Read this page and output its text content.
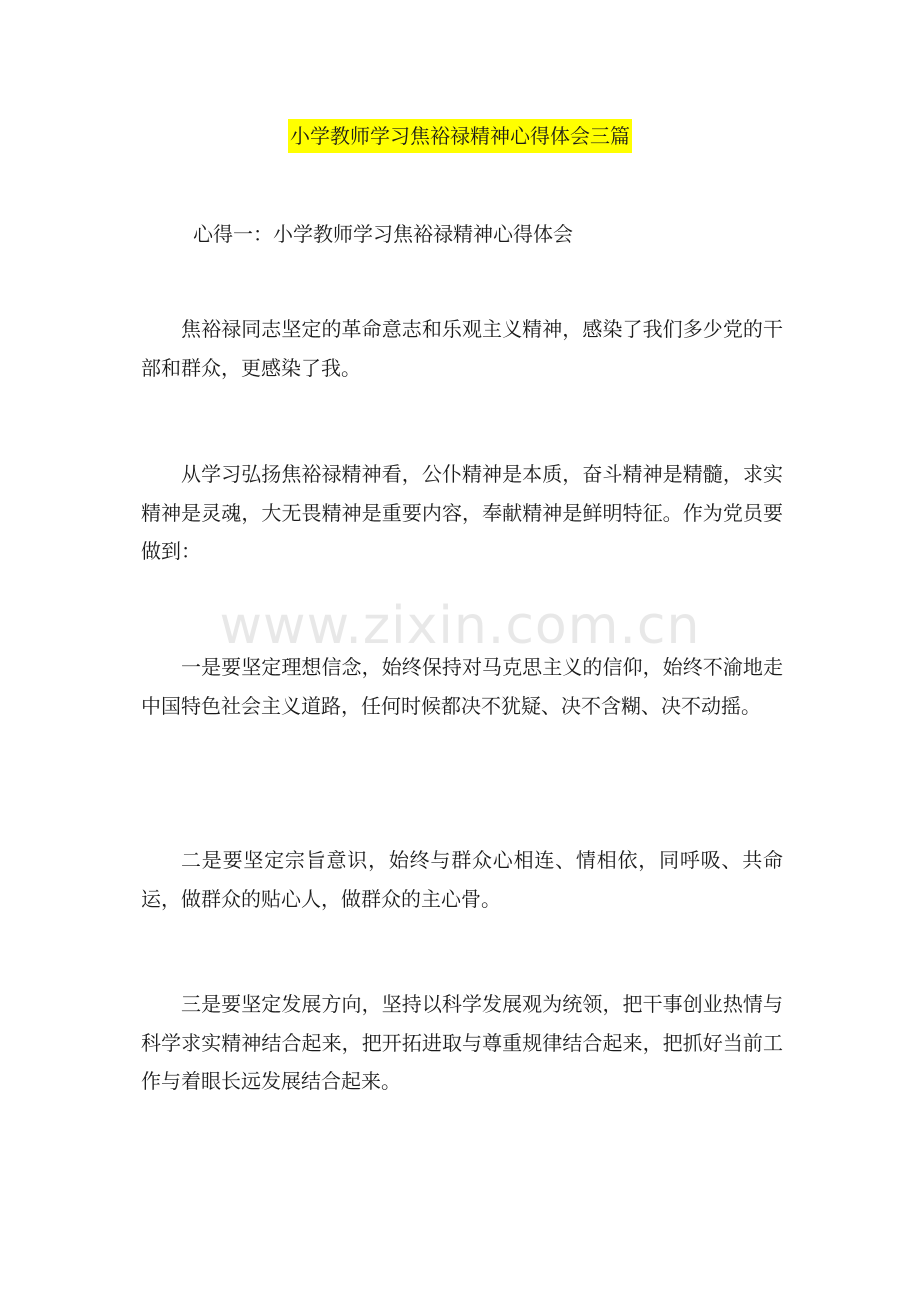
小学教师学习焦裕禄精神心得体会三篇
心得一：小学教师学习焦裕禄精神心得体会

焦裕禄同志坚定的革命意志和乐观主义精神，感染了我们多少党的干部和群众，更感染了我。

从学习弘扬焦裕禄精神看，公仆精神是本质，奋斗精神是精髓，求实精神是灵魂，大无畏精神是重要内容，奉献精神是鲜明特征。作为党员要做到：

一是要坚定理想信念，始终保持对马克思主义的信仰，始终不渝地走中国特色社会主义道路，任何时候都决不犹疑、决不含糊、决不动摇。

二是要坚定宗旨意识，始终与群众心相连、情相依，同呼吸、共命运，做群众的贴心人，做群众的主心骨。

三是要坚定发展方向，坚持以科学发展观为统领，把干事创业热情与科学求实精神结合起来，把开拓进取与尊重规律结合起来，把抓好当前工作与着眼长远发展结合起来。

www.zixin.com.cn
